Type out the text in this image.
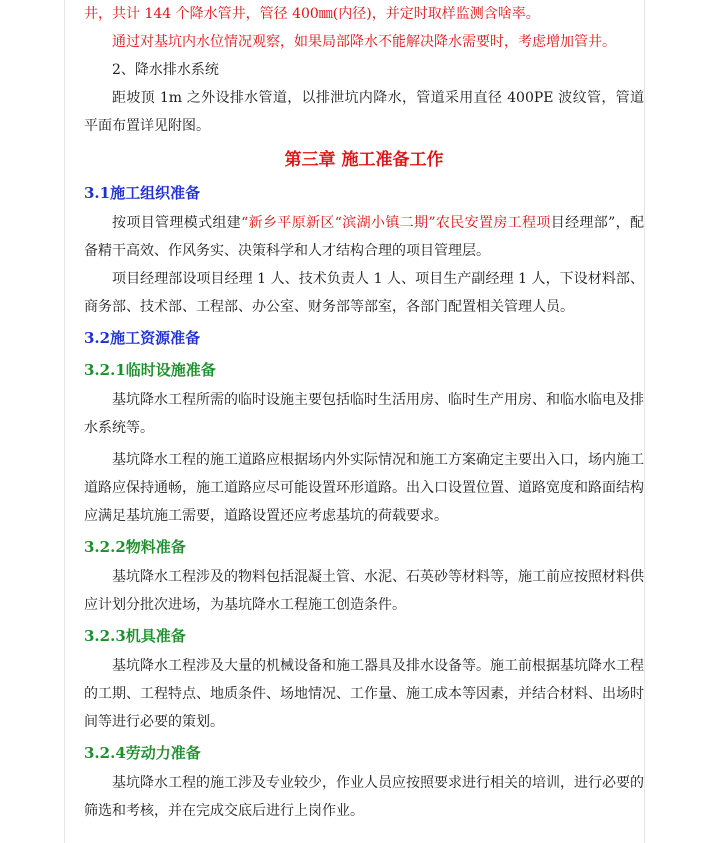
井，共计 144 个降水管井，管径 400㎜(内径)，并定时取样监测含啥率。

通过对基坑内水位情况观察，如果局部降水不能解决降水需要时，考虑增加管井。

2、降水排水系统

距坡顶 1m 之外设排水管道，以排泄坑内降水，管道采用直径 400PE 波纹管，管道平面布置详见附图。

第三章 施工准备工作
3.1施工组织准备

按项目管理模式组建“新乡平原新区“滨湖小镇二期”农民安置房工程项目经理部”，配备精干高效、作风务实、决策科学和人才结构合理的项目管理层。

项目经理部设项目经理 1 人、技术负责人 1 人、项目生产副经理 1 人，下设材料部、商务部、技术部、工程部、办公室、财务部等部室，各部门配置相关管理人员。

3.2施工资源准备
3.2.1临时设施准备

基坑降水工程所需的临时设施主要包括临时生活用房、临时生产用房、和临水临电及排水系统等。

基坑降水工程的施工道路应根据场内外实际情况和施工方案确定主要出入口，场内施工道路应保持通畅，施工道路应尽可能设置环形道路。出入口设置位置、道路宽度和路面结构应满足基坑施工需要，道路设置还应考虑基坑的荷载要求。

3.2.2物料准备

基坑降水工程涉及的物料包括混凝土管、水泥、石英砂等材料等，施工前应按照材料供应计划分批次进场，为基坑降水工程施工创造条件。

3.2.3机具准备

基坑降水工程涉及大量的机械设备和施工器具及排水设备等。施工前根据基坑降水工程的工期、工程特点、地质条件、场地情况、工作量、施工成本等因素，并结合材料、出场时间等进行必要的策划。

3.2.4劳动力准备

基坑降水工程的施工涉及专业较少，作业人员应按照要求进行相关的培训，进行必要的筛选和考核，并在完成交底后进行上岗作业。
